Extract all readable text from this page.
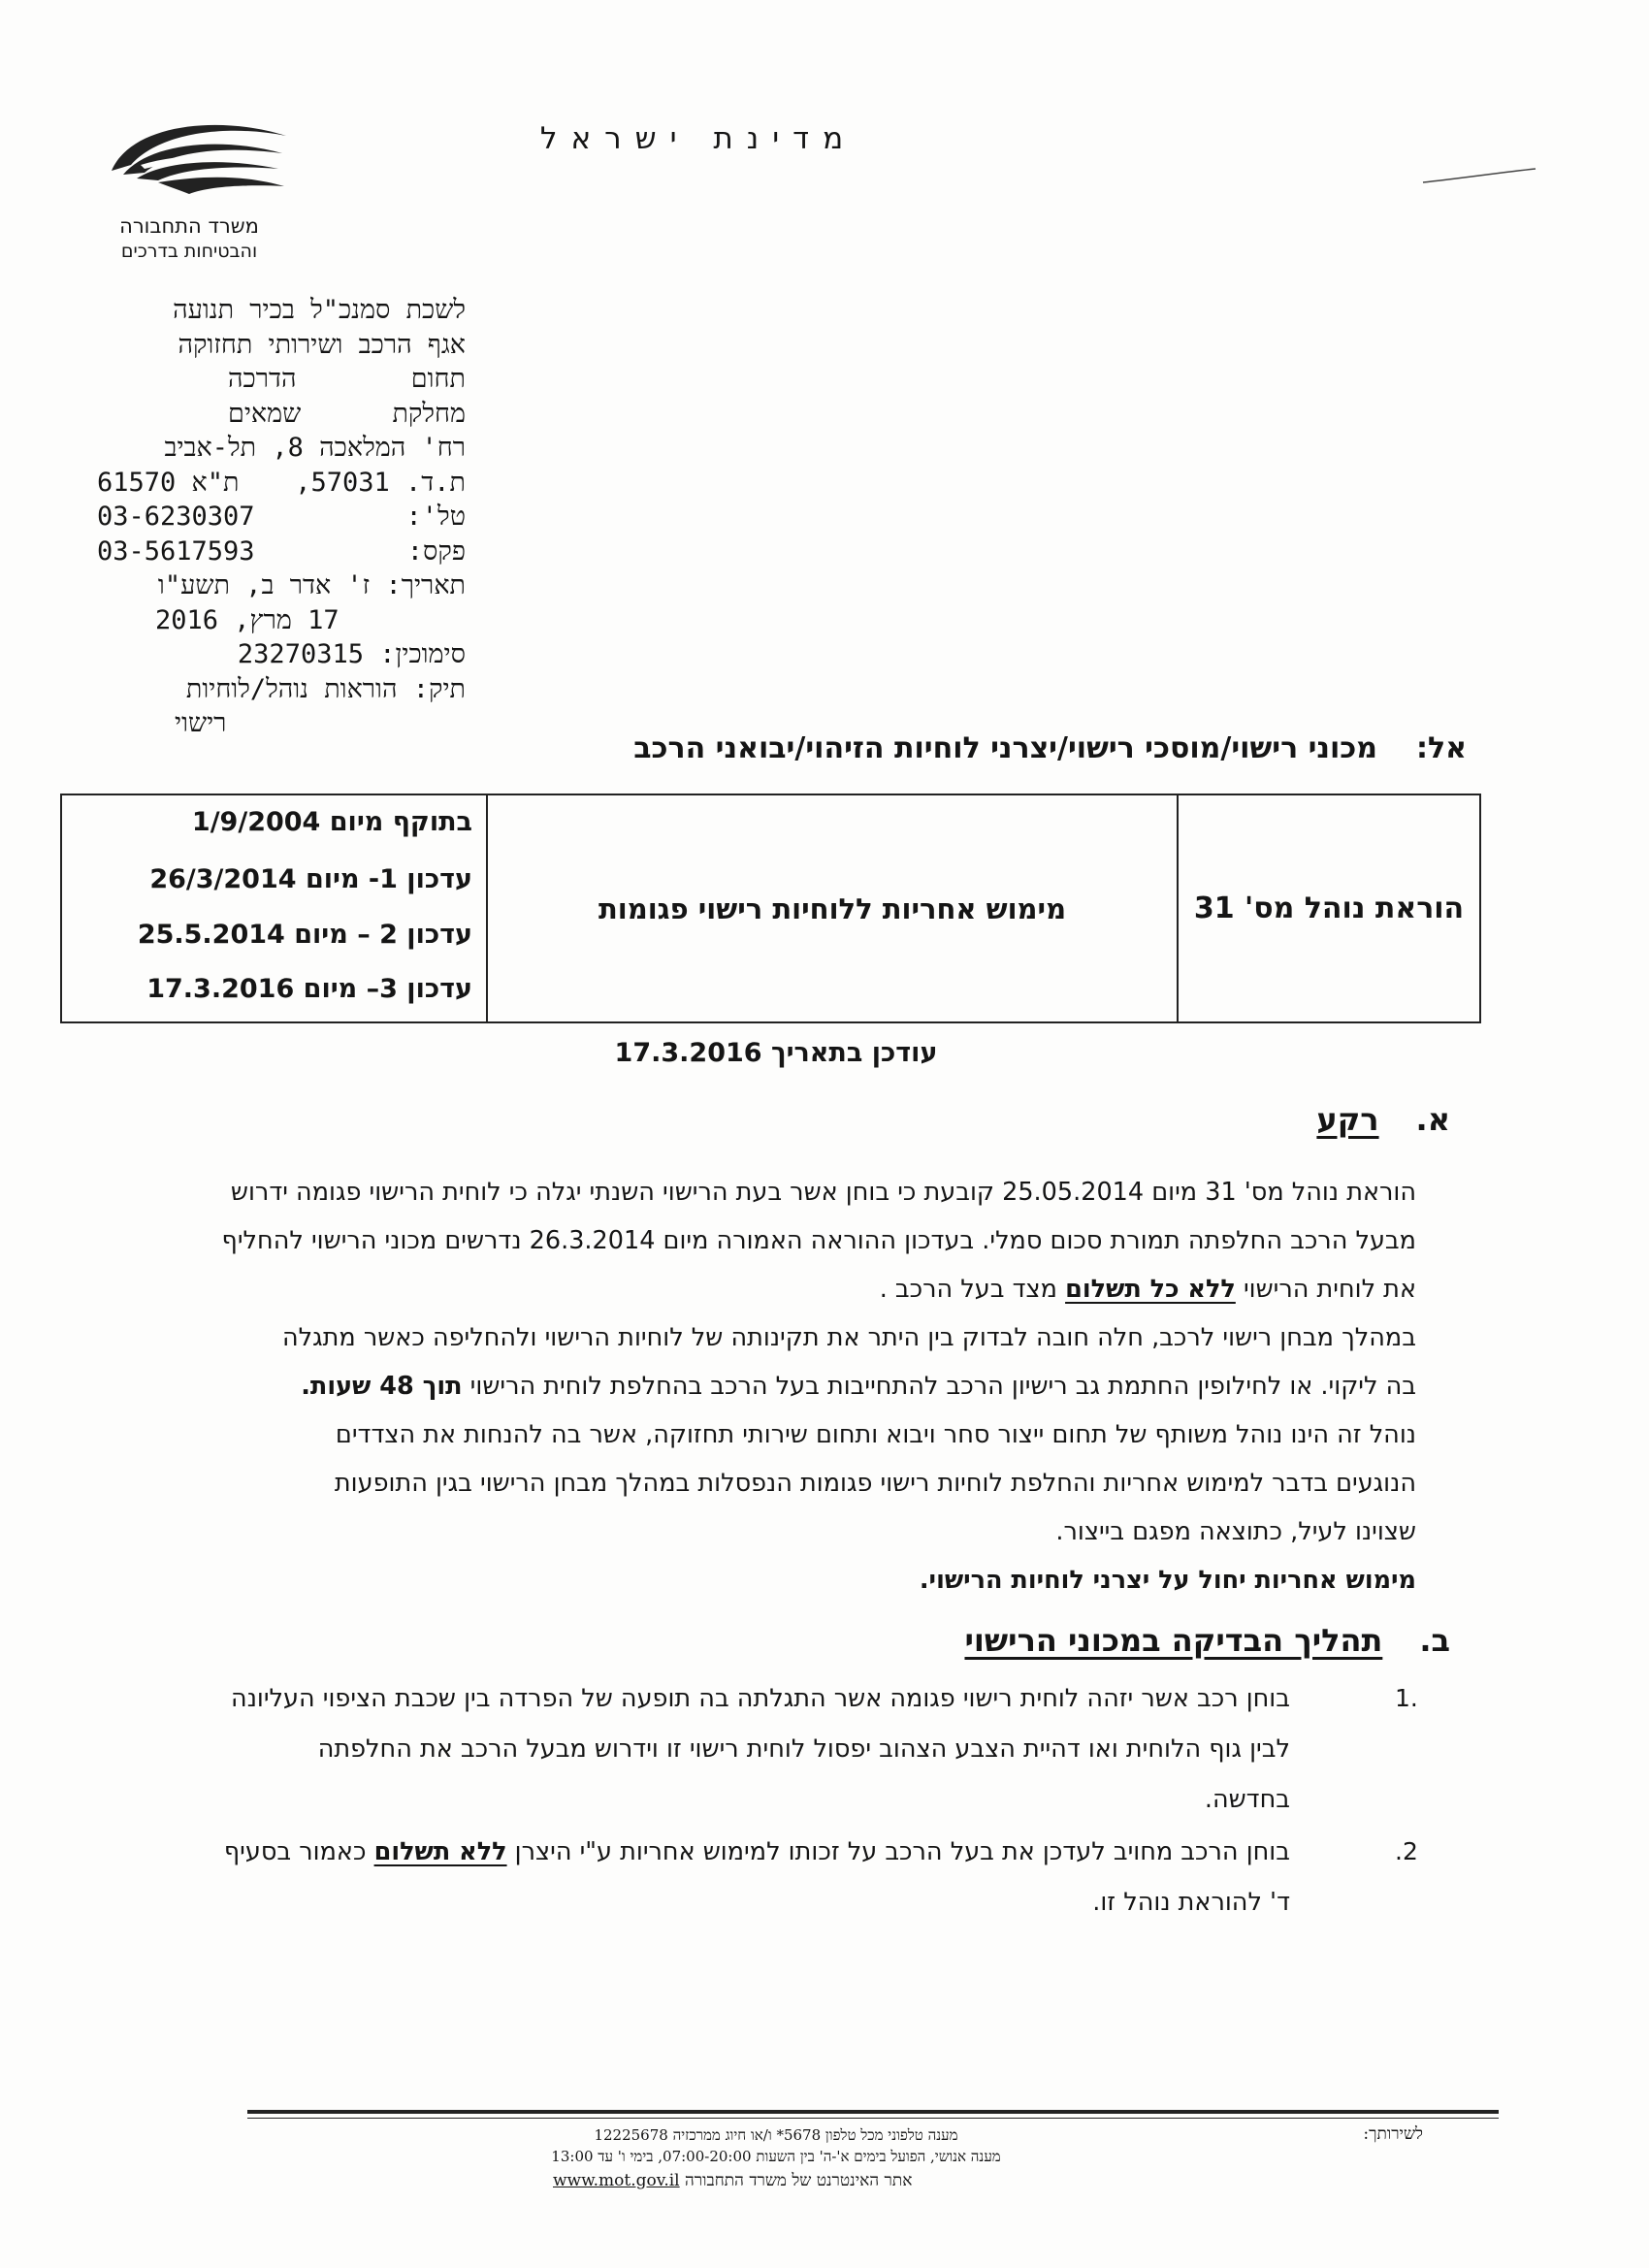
משרד התחבורה
והבטיחות בדרכים
מדינת ישראל
לשכת סמנכ"ל בכיר תנועה
אגף הרכב ושירותי תחזוקה
תחום
הדרכה
מחלקת
שמאים
רח' המלאכה 8, תל-אביב
ת.ד. 57031,
ת"א 61570
טל':
03-6230307
פקס:
03-5617593
תאריך: ז' אדר ב, תשע"ו
17 מרץ, 2016
סימוכין:

23270315
תיק: הוראות נוהל/לוחיות
רישוי
אל:מכוני רישוי/מוסכי רישוי/יצרני לוחיות הזיהוי/יבואני הרכב
הוראת נוהל מס' 31
מימוש אחריות ללוחיות רישוי פגומות
בתוקף מיום 1/9/2004
עדכון 1- מיום 26/3/2014
עדכון 2 – מיום 25.5.2014
עדכון 3– מיום 17.3.2016
עודכן בתאריך 17.3.2016
א.רקע
הוראת נוהל מס' 31 מיום 25.05.2014 קובעת כי בוחן אשר בעת הרישוי השנתי יגלה כי לוחית הרישוי פגומה ידרוש
מבעל הרכב החלפתה תמורת סכום סמלי. בעדכון ההוראה האמורה מיום 26.3.2014 נדרשים מכוני הרישוי להחליף
את לוחית הרישוי ללא כל תשלום מצד בעל הרכב .
במהלך מבחן רישוי לרכב, חלה חובה לבדוק בין היתר את תקינותה של לוחיות הרישוי ולהחליפה כאשר מתגלה
בה ליקוי. או לחילופין החתמת גב רישיון הרכב להתחייבות בעל הרכב בהחלפת לוחית הרישוי תוך 48 שעות.
נוהל זה הינו נוהל משותף של תחום ייצור סחר ויבוא ותחום שירותי תחזוקה, אשר בה להנחות את הצדדים
הנוגעים בדבר למימוש אחריות והחלפת לוחיות רישוי פגומות הנפסלות במהלך מבחן הרישוי בגין התופעות
שצוינו לעיל, כתוצאה מפגם בייצור.
מימוש אחריות יחול על יצרני לוחיות הרישוי.
ב.תהליך הבדיקה במכוני הרישוי
1.
בוחן רכב אשר יזהה לוחית רישוי פגומה אשר התגלתה בה תופעה של הפרדה בין שכבת הציפוי העליונה
לבין גוף הלוחית ואו דהיית הצבע הצהוב יפסול לוחית רישוי זו וידרוש מבעל הרכב את החלפתה
בחדשה.
.2
בוחן הרכב מחויב לעדכן את בעל הרכב על זכותו למימוש אחריות ע"י היצרן ללא תשלום כאמור בסעיף
ד' להוראת נוהל זו.
לשירותך:
מענה טלפוני מכל טלפון 5678* ו/או חיוג ממרכזיה 12225678
מענה אנושי, הפועל בימים א'-ה' בין השעות 07:00-20:00, בימי ו' עד 13:00
אתר האינטרנט של משרד התחבורה www.mot.gov.il
